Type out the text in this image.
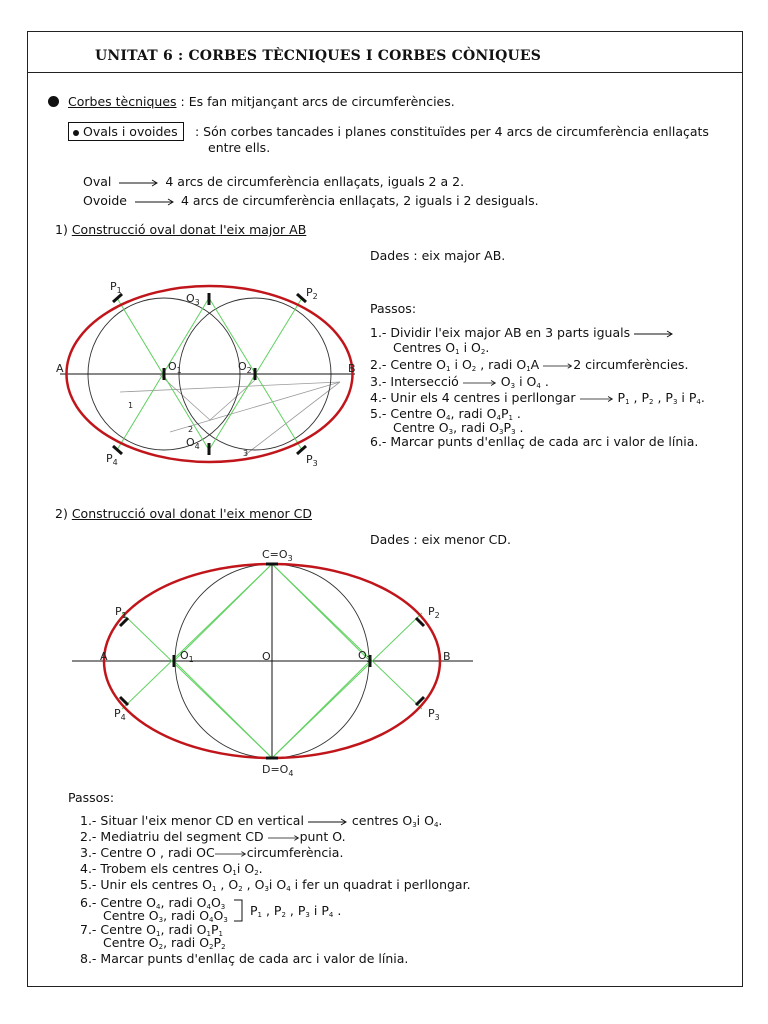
UNITAT 6 : CORBES TÈCNIQUES I CORBES CÒNIQUES
Corbes tècniques : Es fan mitjançant arcs de circumferències.
Ovals i ovoides	: Són corbes tancades i planes constituïdes per 4 arcs de circumferència enllaçats
entre ells.
Oval	4 arcs de circumferència enllaçats, iguals 2 a 2.
Ovoide	4 arcs de circumferència enllaçats, 2 iguals i 2 desiguals.
1) Construcció oval donat l'eix major AB
Dades : eix major AB.
Passos:
1.- Dividir l'eix major AB en 3 parts iguals
Centres $O_1$ i $O_2$.
2.- Centre $O_1$ i $O_2$ , radi $O_1A$	2 circumferències.
3.- Intersecció	$O_3$ i $O_4$ .
4.- Unir els 4 centres i perllongar	$P_1$ , $P_2$ , $P_3$ i $P_4$.
5.- Centre $O_4$, radi $O_4P_1$ .
Centre $O_3$, radi $O_3P_3$ .
6.- Marcar punts d'enllaç de cada arc i valor de línia.
A	B
$P_1$	$P_2$
$P_3$
$P_4$
$O_1$	$O_2$
$O_3$
$O_4$
1
2
3
2) Construcció oval donat l'eix menor CD
Dades : eix menor CD.
A	B
O
$C=O_3$
$D=O_4$
$P_1$	$P_2$
$P_3$
$P_4$
$O_1$	$O_2$
Passos:
1.- Situar l'eix menor CD en vertical	centres $O_3i$ $O_4$.
2.- Mediatriu del segment CD	punt O.
3.- Centre O , radi OC	circumferència.
4.- Trobem els centres $O_1i$ $O_2$.
5.- Unir els centres $O_1$ , $O_2$ , $O_3i$ $O_4$ i fer un quadrat i perllongar.
6.- Centre $O_4$, radi $O_4O_3$
Centre $O_3$, radi $O_4O_3$
$P_1$ , $P_2$ , $P_3$ i $P_4$ .
7.- Centre $O_1$, radi $O_1P_1$
Centre $O_2$, radi $O_2P_2$
8.- Marcar punts d'enllaç de cada arc i valor de línia.
